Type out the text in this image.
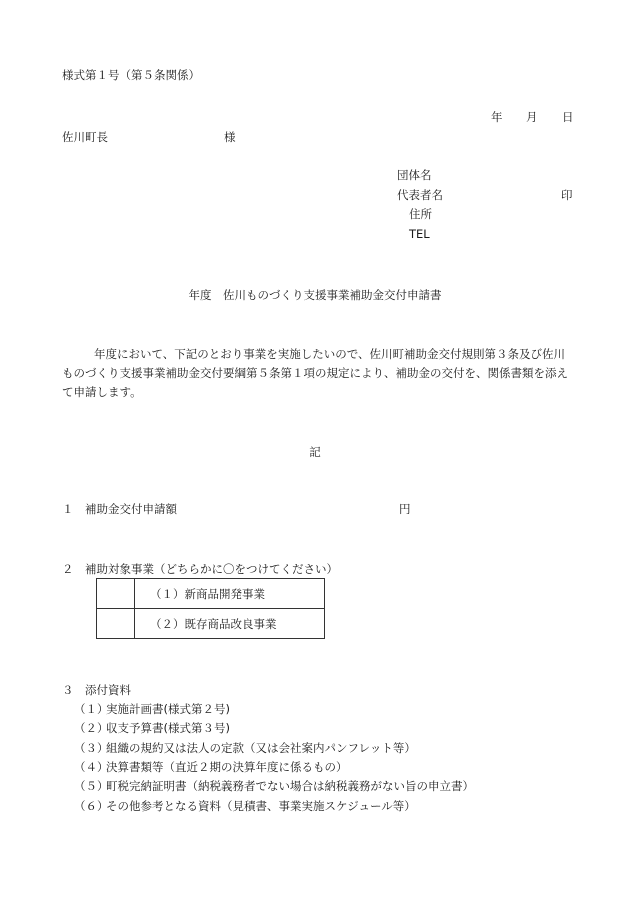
様式第１号（第５条関係）
年 月 日
佐川町長	様
団体名
代表者名	印
住所
TEL
年度　佐川ものづくり支援事業補助金交付申請書
年度において、下記のとおり事業を実施したいので、佐川町補助金交付規則第３条及び佐川ものづくり支援事業補助金交付要綱第５条第１項の規定により、補助金の交付を、関係書類を添えて申請します。
記
１　補助金交付申請額	円
２　補助対象事業（どちらかに〇をつけてください）
	（１）新商品開発事業
	（２）既存商品改良事業
３　添付資料
（１）実施計画書(様式第２号)
（２）収支予算書(様式第３号)
（３）組織の規約又は法人の定款（又は会社案内パンフレット等）
（４）決算書類等（直近２期の決算年度に係るもの）
（５）町税完納証明書（納税義務者でない場合は納税義務がない旨の申立書）
（６）その他参考となる資料（見積書、事業実施スケジュール等）
